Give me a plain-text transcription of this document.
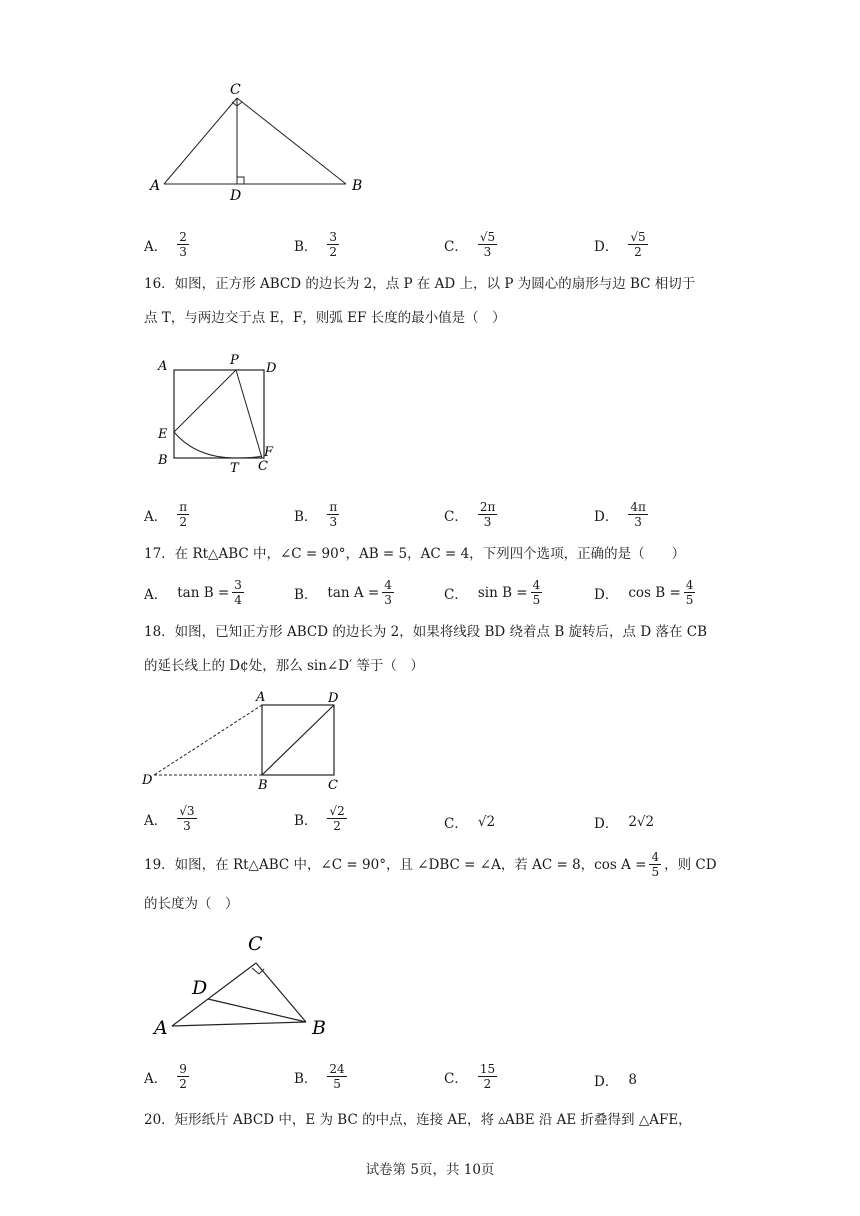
C
A
D
B
A． $\frac{2}{3}$	B． $\frac{3}{2}$	C． $\frac{√5}{3}$	D． $\frac{√5}{2}$
16．如图，正方形 ABCD 的边长为 2，点 P 在 AD 上，以 P 为圆心的扇形与边 BC 相切于
点 T，与两边交于点 E，F，则弧 EF 长度的最小值是（　）
A	P
D
E
F
B
T C
A． $\frac{\pi}{2}$	B． $\frac{\pi}{3}$	C． $\frac{2\pi}{3}$	D． $\frac{4\pi}{3}$
17．在 Rt△ABC 中，∠C = 90°，AB = 5，AC = 4，下列四个选项，正确的是（　　）
A． $\tan B = \frac{3}{4}$	B． $\tan A = \frac{4}{3}$	C． $\sin B = \frac{4}{5}$	D． $\cos B = \frac{4}{5}$
18．如图，已知正方形 ABCD 的边长为 2，如果将线段 BD 绕着点 B 旋转后，点 D 落在 CB
的延长线上的 D¢处，那么 sin∠D′ 等于（　）
A	D
D	B	C
A． $\frac{√3}{3}$	B． $\frac{√2}{2}$	C． √2	D． 2√2
19．如图，在 Rt△ABC 中，∠C = 90°，且 ∠DBC = ∠A，若 AC = 8，$\cos A = \frac{4}{5}$ ，则 CD
的长度为（　）
C
D
A	B
A． $\frac{9}{2}$	B． $\frac{24}{5}$	C． $\frac{15}{2}$	D． 8
20．矩形纸片 ABCD 中，E 为 BC 的中点，连接 AE，将 ▵ABE 沿 AE 折叠得到 △AFE，
试卷第 5页，共 10页
